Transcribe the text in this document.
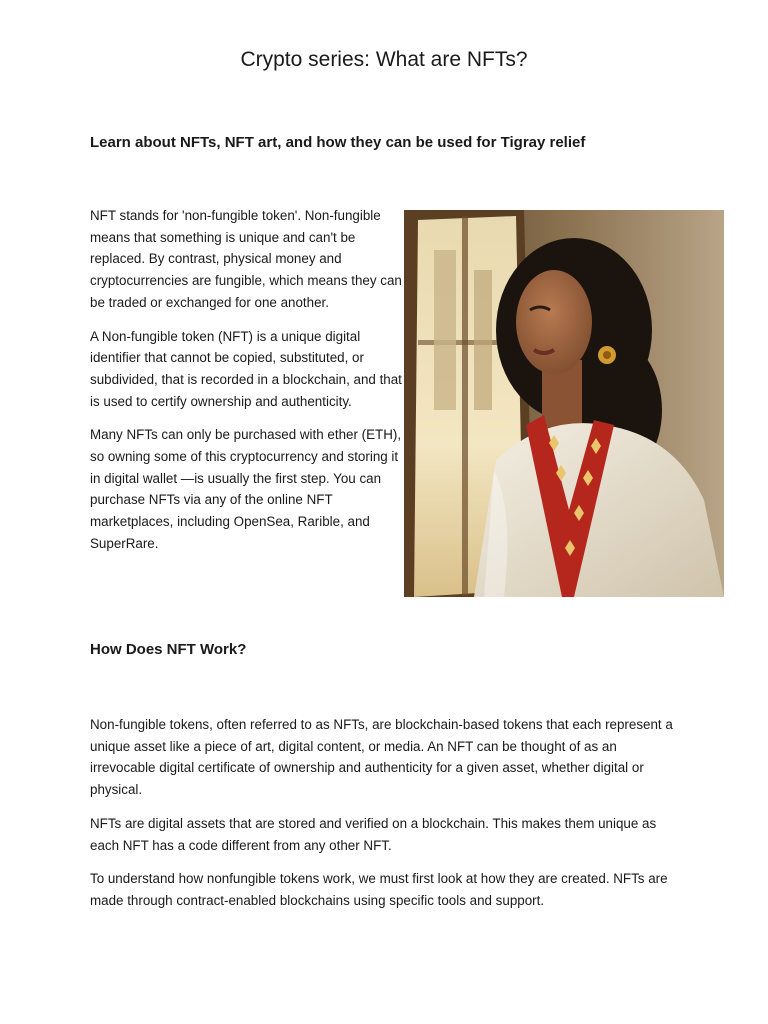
Crypto series: What are NFTs?
Learn about NFTs, NFT art, and how they can be used for Tigray relief

NFT stands for 'non-fungible token'. Non-fungible means that something is unique and can't be replaced. By contrast, physical money and cryptocurrencies are fungible, which means they can be traded or exchanged for one another.

A Non-fungible token (NFT) is a unique digital identifier that cannot be copied, substituted, or subdivided, that is recorded in a blockchain, and that is used to certify ownership and authenticity.

Many NFTs can only be purchased with ether (ETH), so owning some of this cryptocurrency and storing it in digital wallet —is usually the first step. You can purchase NFTs via any of the online NFT marketplaces, including OpenSea, Rarible, and SuperRare.

How Does NFT Work?

Non-fungible tokens, often referred to as NFTs, are blockchain-based tokens that each represent a unique asset like a piece of art, digital content, or media. An NFT can be thought of as an irrevocable digital certificate of ownership and authenticity for a given asset, whether digital or physical.

NFTs are digital assets that are stored and verified on a blockchain. This makes them unique as each NFT has a code different from any other NFT.

To understand how nonfungible tokens work, we must first look at how they are created. NFTs are made through contract-enabled blockchains using specific tools and support.
